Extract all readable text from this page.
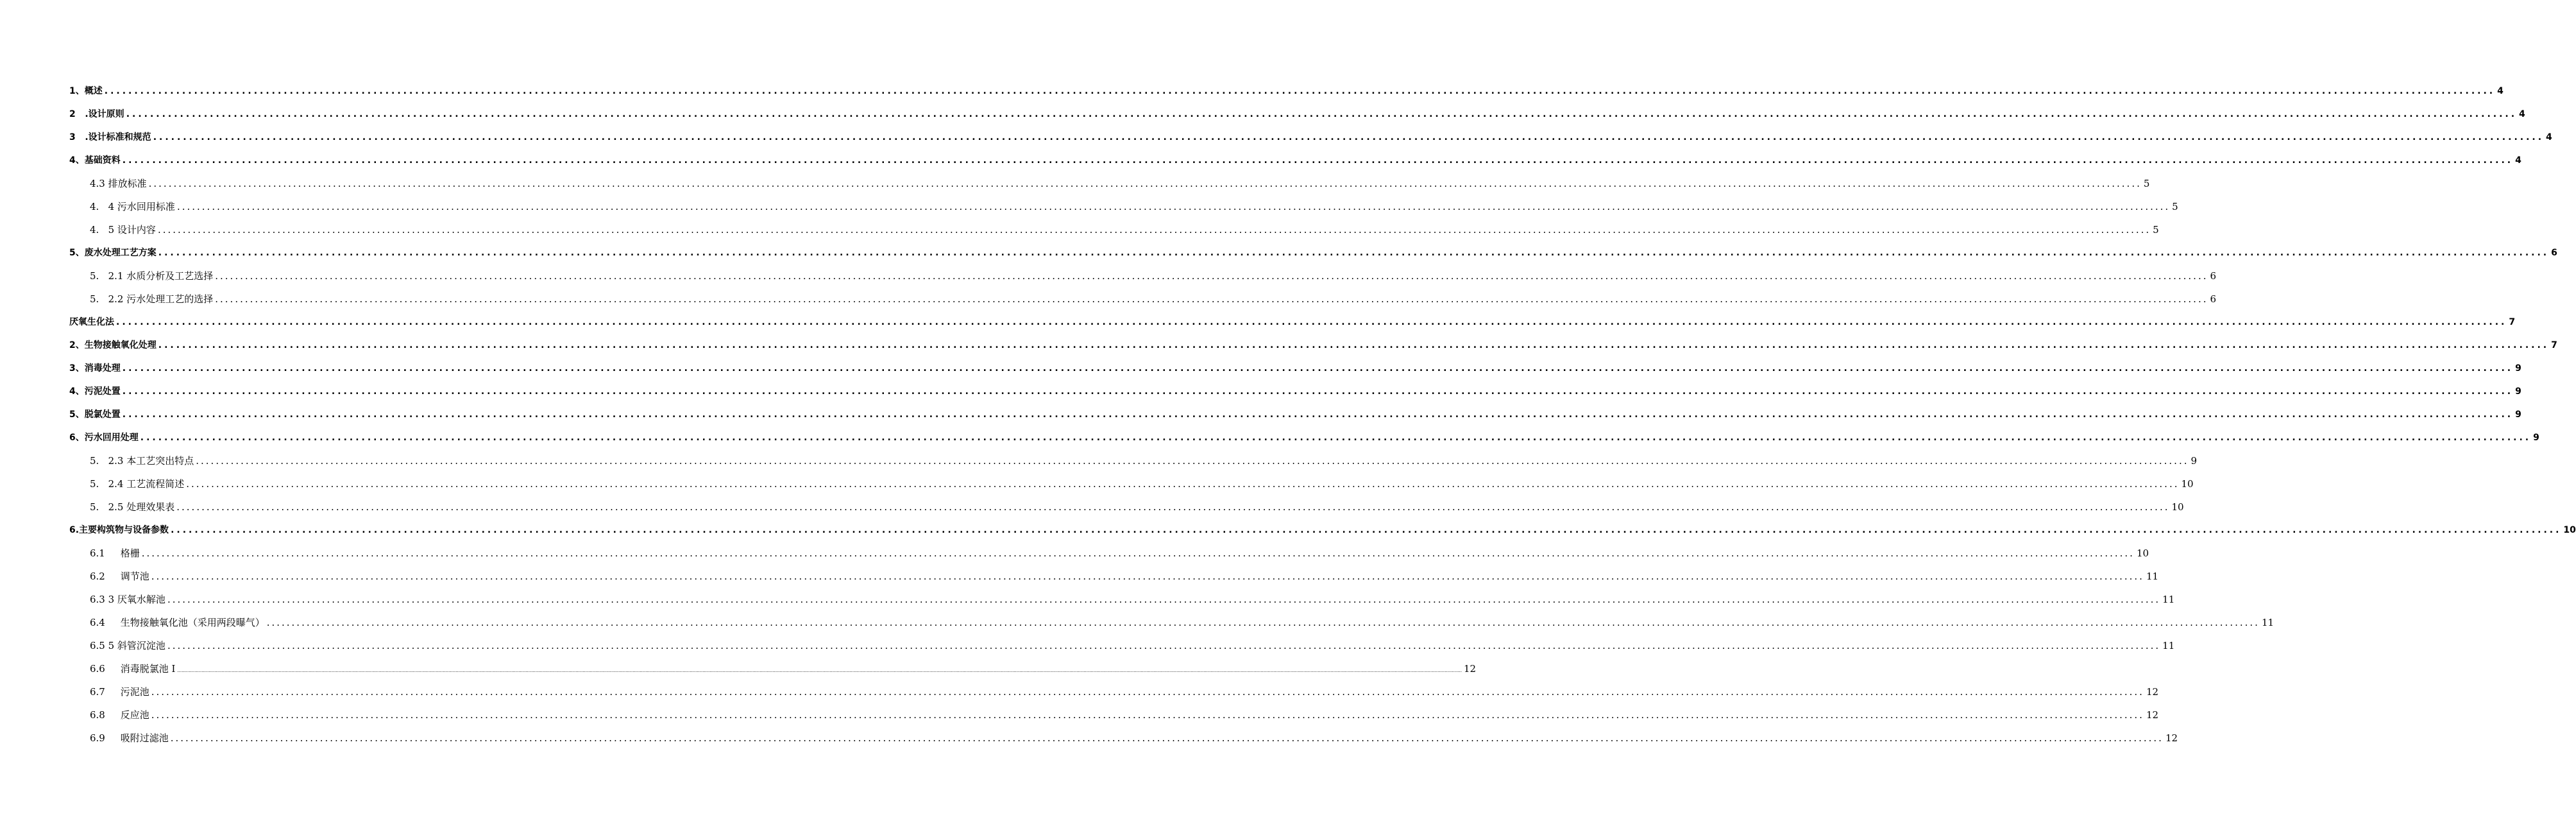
1、概述 ................................................................................................................................................................................................................................................................................................................................................................................................................ 4
2   .设计原则 ................................................................................................................................................................................................................................................................................................................................................................................................................ 4
3   .设计标准和规范 ................................................................................................................................................................................................................................................................................................................................................................................................................ 4
4、基础资料 ................................................................................................................................................................................................................................................................................................................................................................................................................ 4
4.3 排放标准 ................................................................................................................................................................................................................................................................................................................................................................................................................ 5
4.   4 污水回用标准 ................................................................................................................................................................................................................................................................................................................................................................................................................ 5
4.   5 设计内容 ................................................................................................................................................................................................................................................................................................................................................................................................................ 5
5、废水处理工艺方案 ................................................................................................................................................................................................................................................................................................................................................................................................................ 6
5.   2.1 水质分析及工艺选择 ................................................................................................................................................................................................................................................................................................................................................................................................................ 6
5.   2.2 污水处理工艺的选择 ................................................................................................................................................................................................................................................................................................................................................................................................................ 6
厌氧生化法 ................................................................................................................................................................................................................................................................................................................................................................................................................ 7
2、生物接触氧化处理 ................................................................................................................................................................................................................................................................................................................................................................................................................ 7
3、消毒处理 ................................................................................................................................................................................................................................................................................................................................................................................................................ 9
4、污泥处置 ................................................................................................................................................................................................................................................................................................................................................................................................................ 9
5、脱氯处置 ................................................................................................................................................................................................................................................................................................................................................................................................................ 9
6、污水回用处理 ................................................................................................................................................................................................................................................................................................................................................................................................................ 9
5.   2.3 本工艺突出特点 ................................................................................................................................................................................................................................................................................................................................................................................................................ 9
5.   2.4 工艺流程简述 ................................................................................................................................................................................................................................................................................................................................................................................................................ 10
5.   2.5 处理效果表 ................................................................................................................................................................................................................................................................................................................................................................................................................ 10
6.主要构筑物与设备参数 ................................................................................................................................................................................................................................................................................................................................................................................................................ 10
6.1     格栅 ................................................................................................................................................................................................................................................................................................................................................................................................................ 10
6.2     调节池 ................................................................................................................................................................................................................................................................................................................................................................................................................ 11
6.3 3 厌氧水解池 ................................................................................................................................................................................................................................................................................................................................................................................................................ 11
6.4     生物接触氧化池（采用两段曝气） ................................................................................................................................................................................................................................................................................................................................................................................................................ 11
6.5 5 斜管沉淀池 ................................................................................................................................................................................................................................................................................................................................................................................................................ 11
6.6     消毒脱氯池 I .................................................................................................................................................................................................................................................................................................................................................................................................................................................................................................................................................................................................................................................................................................................................................................................................................................................................................................................................... 12
6.7     污泥池 ................................................................................................................................................................................................................................................................................................................................................................................................................ 12
6.8     反应池 ................................................................................................................................................................................................................................................................................................................................................................................................................ 12
6.9     吸附过滤池 ................................................................................................................................................................................................................................................................................................................................................................................................................ 12
